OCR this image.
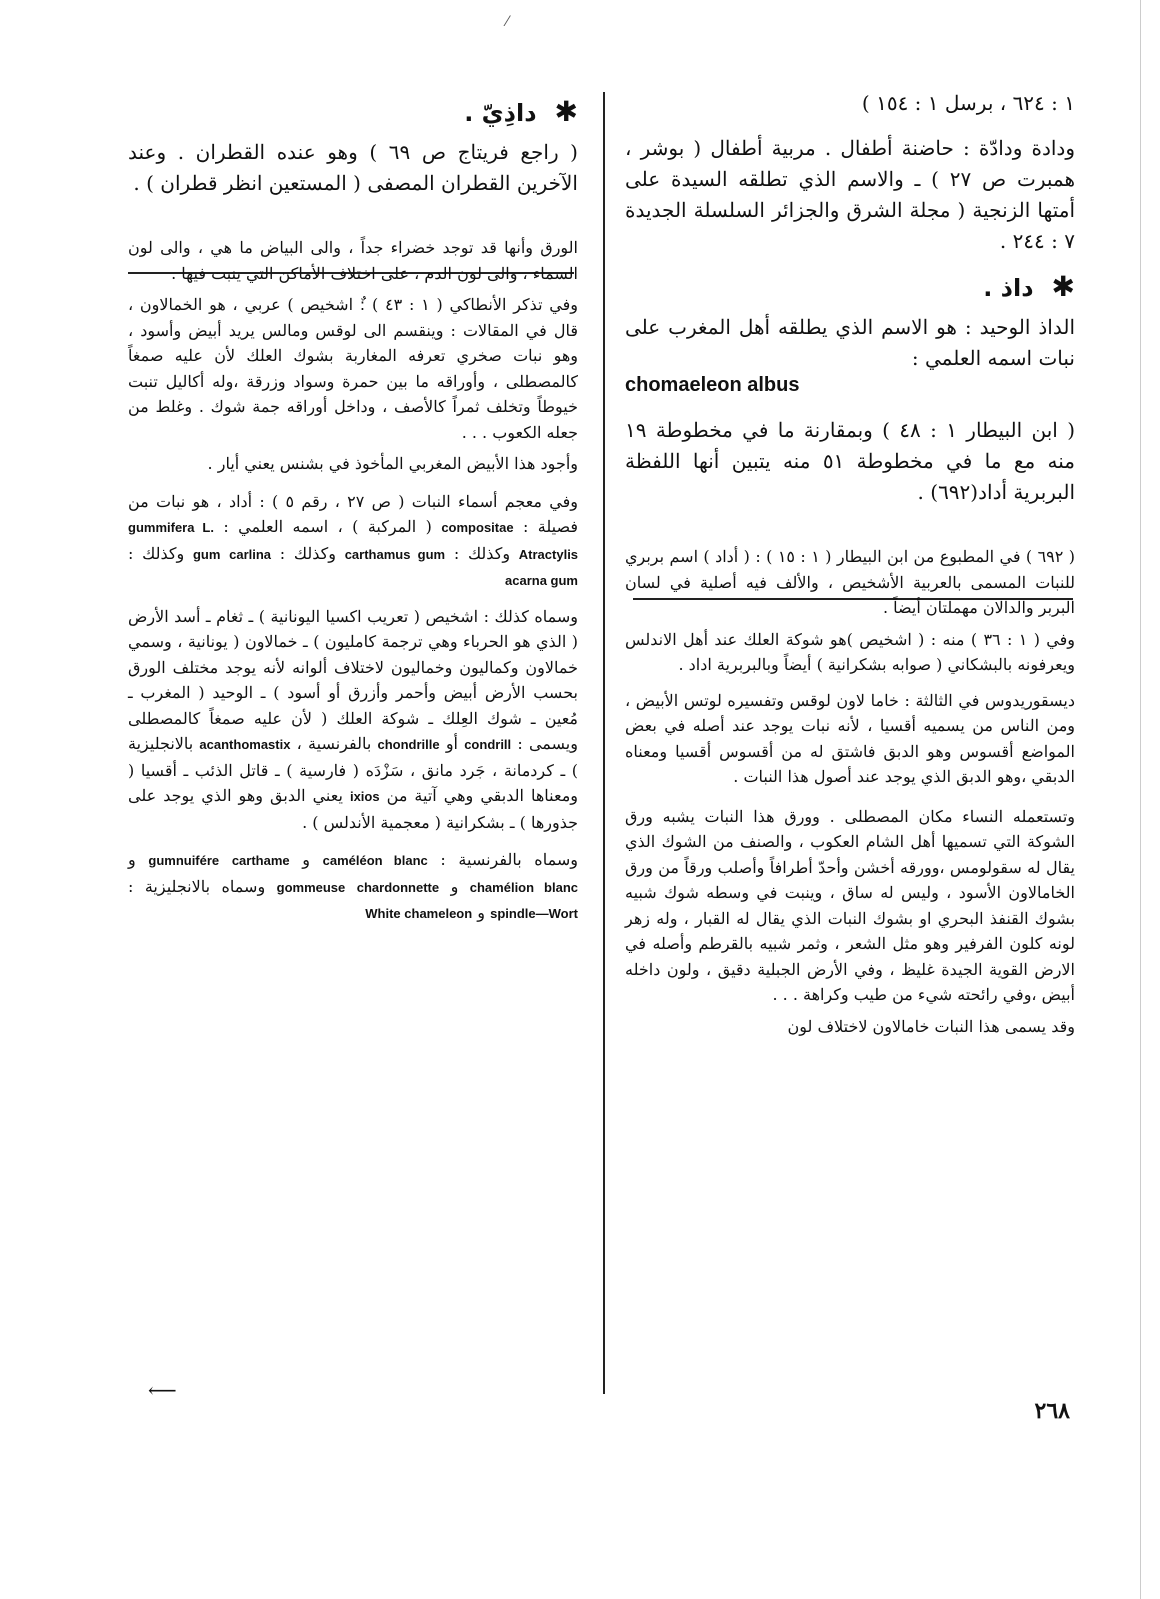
⁄

١ : ٦٢٤ ، برسل ١ : ١٥٤ )

ودادة ودادّة : حاضنة أطفال . مربية أطفال ( بوشر ، همبرت ص ٢٧ ) ـ والاسم الذي تطلقه السيدة على أمتها الزنجية ( مجلة الشرق والجزائر السلسلة الجديدة ٧ : ٢٤٤ .

✱داذ .

الداذ الوحيد : هو الاسم الذي يطلقه أهل المغرب على نبات اسمه العلمي :

chomaeleon albus

( ابن البيطار ١ : ٤٨ ) وبمقارنة ما في مخطوطة ١٩ منه مع ما في مخطوطة ٥١ منه يتبين أنها اللفظة البربرية أداد(٦٩٢) .

( ٦٩٢ ) في المطبوع من ابن البيطار ( ١ : ١٥ ) : ( أداد ) اسم بربري للنبات المسمى بالعربية الأشخيص ، والألف فيه أصلية في لسان البربر والدالان مهملتان أيضاً .

وفي ( ١ : ٣٦ ) منه : ( اشخيص )هو شوكة العلك عند أهل الاندلس ويعرفونه بالبشكاني ( صوابه بشكرانية ) أيضاً وبالبربرية اداد .

ديسقوريدوس في الثالثة : خاما لاون لوقس وتفسيره لوتس الأبيض ، ومن الناس من يسميه أقسيا ، لأنه نبات يوجد عند أصله في بعض المواضع أقسوس وهو الدبق فاشتق له من أقسوس أقسيا ومعناه الدبقي ،وهو الدبق الذي يوجد عند أصول هذا النبات .

وتستعمله النساء مكان المصطلى . وورق هذا النبات يشبه ورق الشوكة التي تسميها أهل الشام العكوب ، والصنف من الشوك الذي يقال له سقولومس ،وورقه أخشن وأحدّ أطرافاً وأصلب ورقاً من ورق الخامالاون الأسود ، وليس له ساق ، وينبت في وسطه شوك شبيه بشوك القنفذ البحري او بشوك النبات الذي يقال له القبار ، وله زهر لونه كلون الفرفير وهو مثل الشعر ، وثمر شبيه بالقرطم وأصله في الارض القوية الجيدة غليظ ، وفي الأرض الجبلية دقيق ، ولون داخله أبيض ،وفي رائحته شيء من طيب وكراهة . . .

وقد يسمى هذا النبات خامالاون لاختلاف لون

✱داذِيّ .

( راجع فريتاج ص ٦٩ ) وهو عنده القطران . وعند الآخرين القطران المصفى ( المستعين انظر قطران ) .

الورق وأنها قد توجد خضراء جداً ، والى البياض ما هي ، والى لون السماء ، والى لون الدم ، على اختلاف الأماكن التي ينبت فيها .

وفي تذكر الأنطاكي ( ١ : ٤٣ ) :ٌ اشخيص ) عربي ، هو الخمالاون ، قال في المقالات : وينقسم الى لوقس ومالس يريد أبيض وأسود ، وهو نبات صخري تعرفه المغاربة بشوك العلك لأن عليه صمغاً كالمصطلى ، وأوراقه ما بين حمرة وسواد وزرقة ،وله أكاليل تنبت خيوطاً وتخلف ثمراً كالأصف ، وداخل أوراقه جمة شوك . وغلط من جعله الكعوب . . .

وأجود هذا الأبيض المغربي المأخوذ في بشنس يعني أيار .

وفي معجم أسماء النبات ( ص ٢٧ ، رقم ٥ ) : أداد ، هو نبات من فصيلة : compositae ( المركبة ) ، اسمه العلمي : gummifera L. Atractylis وكذلك : carthamus gum وكذلك : gum carlina وكذلك : acarna gum

وسماه كذلك : اشخيص ( تعريب اكسيا اليونانية ) ـ ثغام ـ أسد الأرض ( الذي هو الحرباء وهي ترجمة كامليون ) ـ خمالاون ( يونانية ، وسمي خمالاون وكماليون وخماليون لاختلاف ألوانه لأنه يوجد مختلف الورق بحسب الأرض أبيض وأحمر وأزرق أو أسود ) ـ الوحيد ( المغرب ـ مُعين ـ شوك العِلك ـ شوكة العلك ( لأن عليه صمغاً كالمصطلى ويسمى : condrill أو chondrille بالفرنسية ، acanthomastix بالانجليزية ) ـ كردمانة ، جَرد مانق ، سَزْدَه ( فارسية ) ـ قاتل الذئب ـ أقسيا ( ومعناها الدبقي وهي آتية من ixios يعني الدبق وهو الذي يوجد على جذورها ) ـ بشكرانية ( معجمية الأندلس ) .

وسماه بالفرنسية : caméléon blanc و gumnuifére carthame و chamélion blanc و gommeuse chardonnette وسماه بالانجليزية : spindle—Wort و White chameleon

⟵
٢٦٨
